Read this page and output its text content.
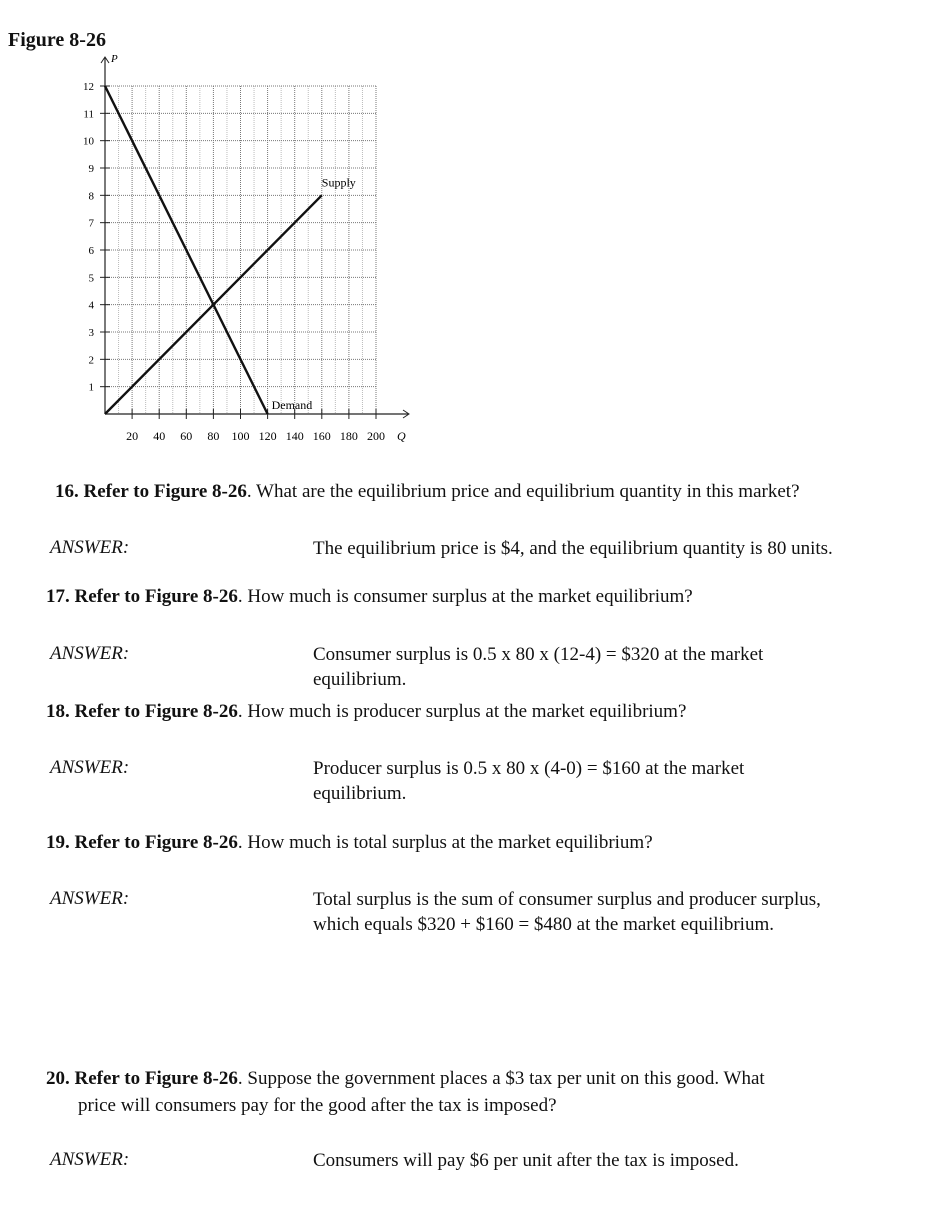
Figure 8-26
P
Q
20 40 60 80 100 120 140 160 180 200
1
2
3
4
5
6
7
8
9
10
11
12
Supply
Demand
16. Refer to Figure 8-26. What are the equilibrium price and equilibrium quantity in this market?
ANSWER:	The equilibrium price is $4, and the equilibrium quantity is 80 units.
17. Refer to Figure 8-26. How much is consumer surplus at the market equilibrium?
ANSWER:	Consumer surplus is 0.5 x 80 x (12-4) = $320 at the market
equilibrium.
18. Refer to Figure 8-26. How much is producer surplus at the market equilibrium?
ANSWER:	Producer surplus is 0.5 x 80 x (4-0) = $160 at the market
equilibrium.
19. Refer to Figure 8-26. How much is total surplus at the market equilibrium?
ANSWER:	Total surplus is the sum of consumer surplus and producer surplus,
which equals $320 + $160 = $480 at the market equilibrium.
20. Refer to Figure 8-26. Suppose the government places a $3 tax per unit on this good. What
price will consumers pay for the good after the tax is imposed?
ANSWER:	Consumers will pay $6 per unit after the tax is imposed.
